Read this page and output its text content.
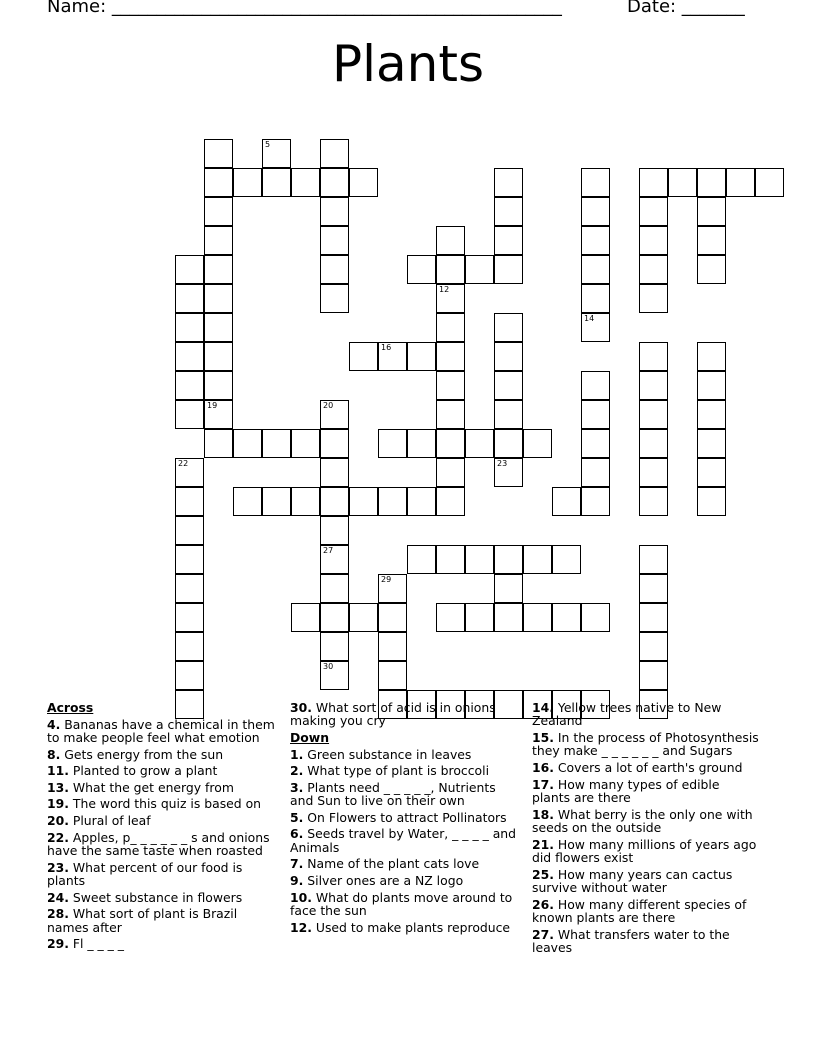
Name: __________________________________________________	Date: _______
Plants
5
12
14
16
19	20
22	23
27
29
30
Across
4. Bananas have a chemical in them to make people feel what emotion
8. Gets energy from the sun
11. Planted to grow a plant
13. What the get energy from
19. The word this quiz is based on
20. Plural of leaf
22. Apples, p_ _ _ _ _ _ s and onions have the same taste when roasted
23. What percent of our food is plants
24. Sweet substance in flowers
28. What sort of plant is Brazil names after
29. Fl _ _ _ _
30. What sort of acid is in onions making you cry
Down
1. Green substance in leaves
2. What type of plant is broccoli
3. Plants need _ _ _ _ _, Nutrients and Sun to live on their own
5. On Flowers to attract Pollinators
6. Seeds travel by Water, _ _ _ _ and Animals
7. Name of the plant cats love
9. Silver ones are a NZ logo
10. What do plants move around to face the sun
12. Used to make plants reproduce
14. Yellow trees native to New Zealand
15. In the process of Photosynthesis they make _ _ _ _ _ _ and Sugars
16. Covers a lot of earth's ground
17. How many types of edible plants are there
18. What berry is the only one with seeds on the outside
21. How many millions of years ago did flowers exist
25. How many years can cactus survive without water
26. How many different species of known plants are there
27. What transfers water to the leaves
